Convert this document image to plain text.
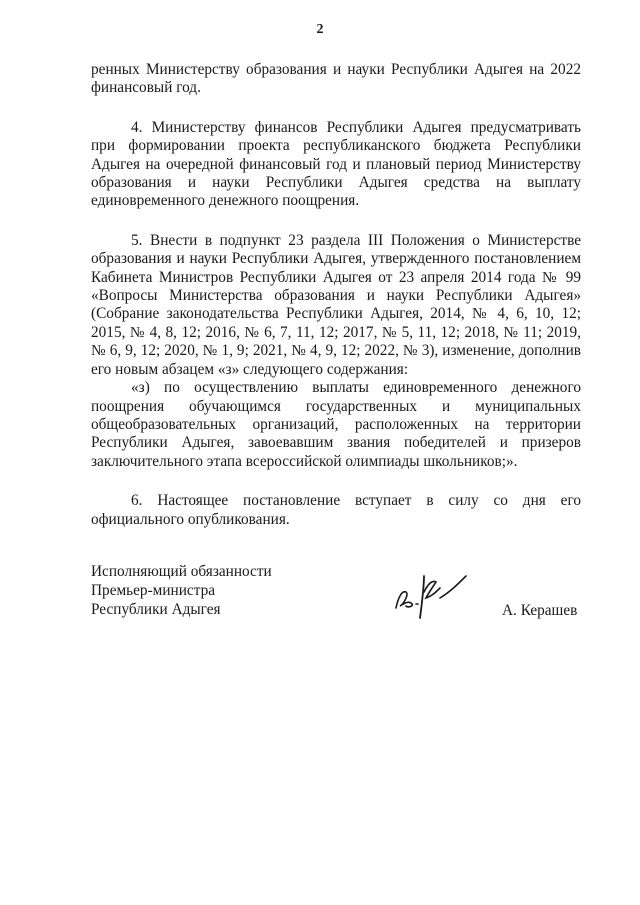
2

ренных Министерству образования и науки Республики Адыгея на 2022 финансовый год.

4. Министерству финансов Республики Адыгея предусматривать при формировании проекта республиканского бюджета Республики Адыгея на очередной финансовый год и плановый период Министерству образования и науки Республики Адыгея средства на выплату единовременного денежного поощрения.

5. Внести в подпункт 23 раздела III Положения о Министерстве образования и науки Республики Адыгея, утвержденного постановлением Кабинета Министров Республики Адыгея от 23 апреля 2014 года № 99 «Вопросы Министерства образования и науки Республики Адыгея» (Собрание законодательства Республики Адыгея, 2014, № 4, 6, 10, 12; 2015, № 4, 8, 12; 2016, № 6, 7, 11, 12; 2017, № 5, 11, 12; 2018, № 11; 2019, № 6, 9, 12; 2020, № 1, 9; 2021, № 4, 9, 12; 2022, № 3), изменение, дополнив его новым абзацем «з» следующего содержания:

«з) по осуществлению выплаты единовременного денежного поощрения обучающимся государственных и муниципальных общеобразовательных организаций, расположенных на территории Республики Адыгея, завоевавшим звания победителей и призеров заключительного этапа всероссийской олимпиады школьников;».

6. Настоящее постановление вступает в силу со дня его официального опубликования.

Исполняющий обязанности
Премьер-министра
Республики Адыгея	А. Керашев
